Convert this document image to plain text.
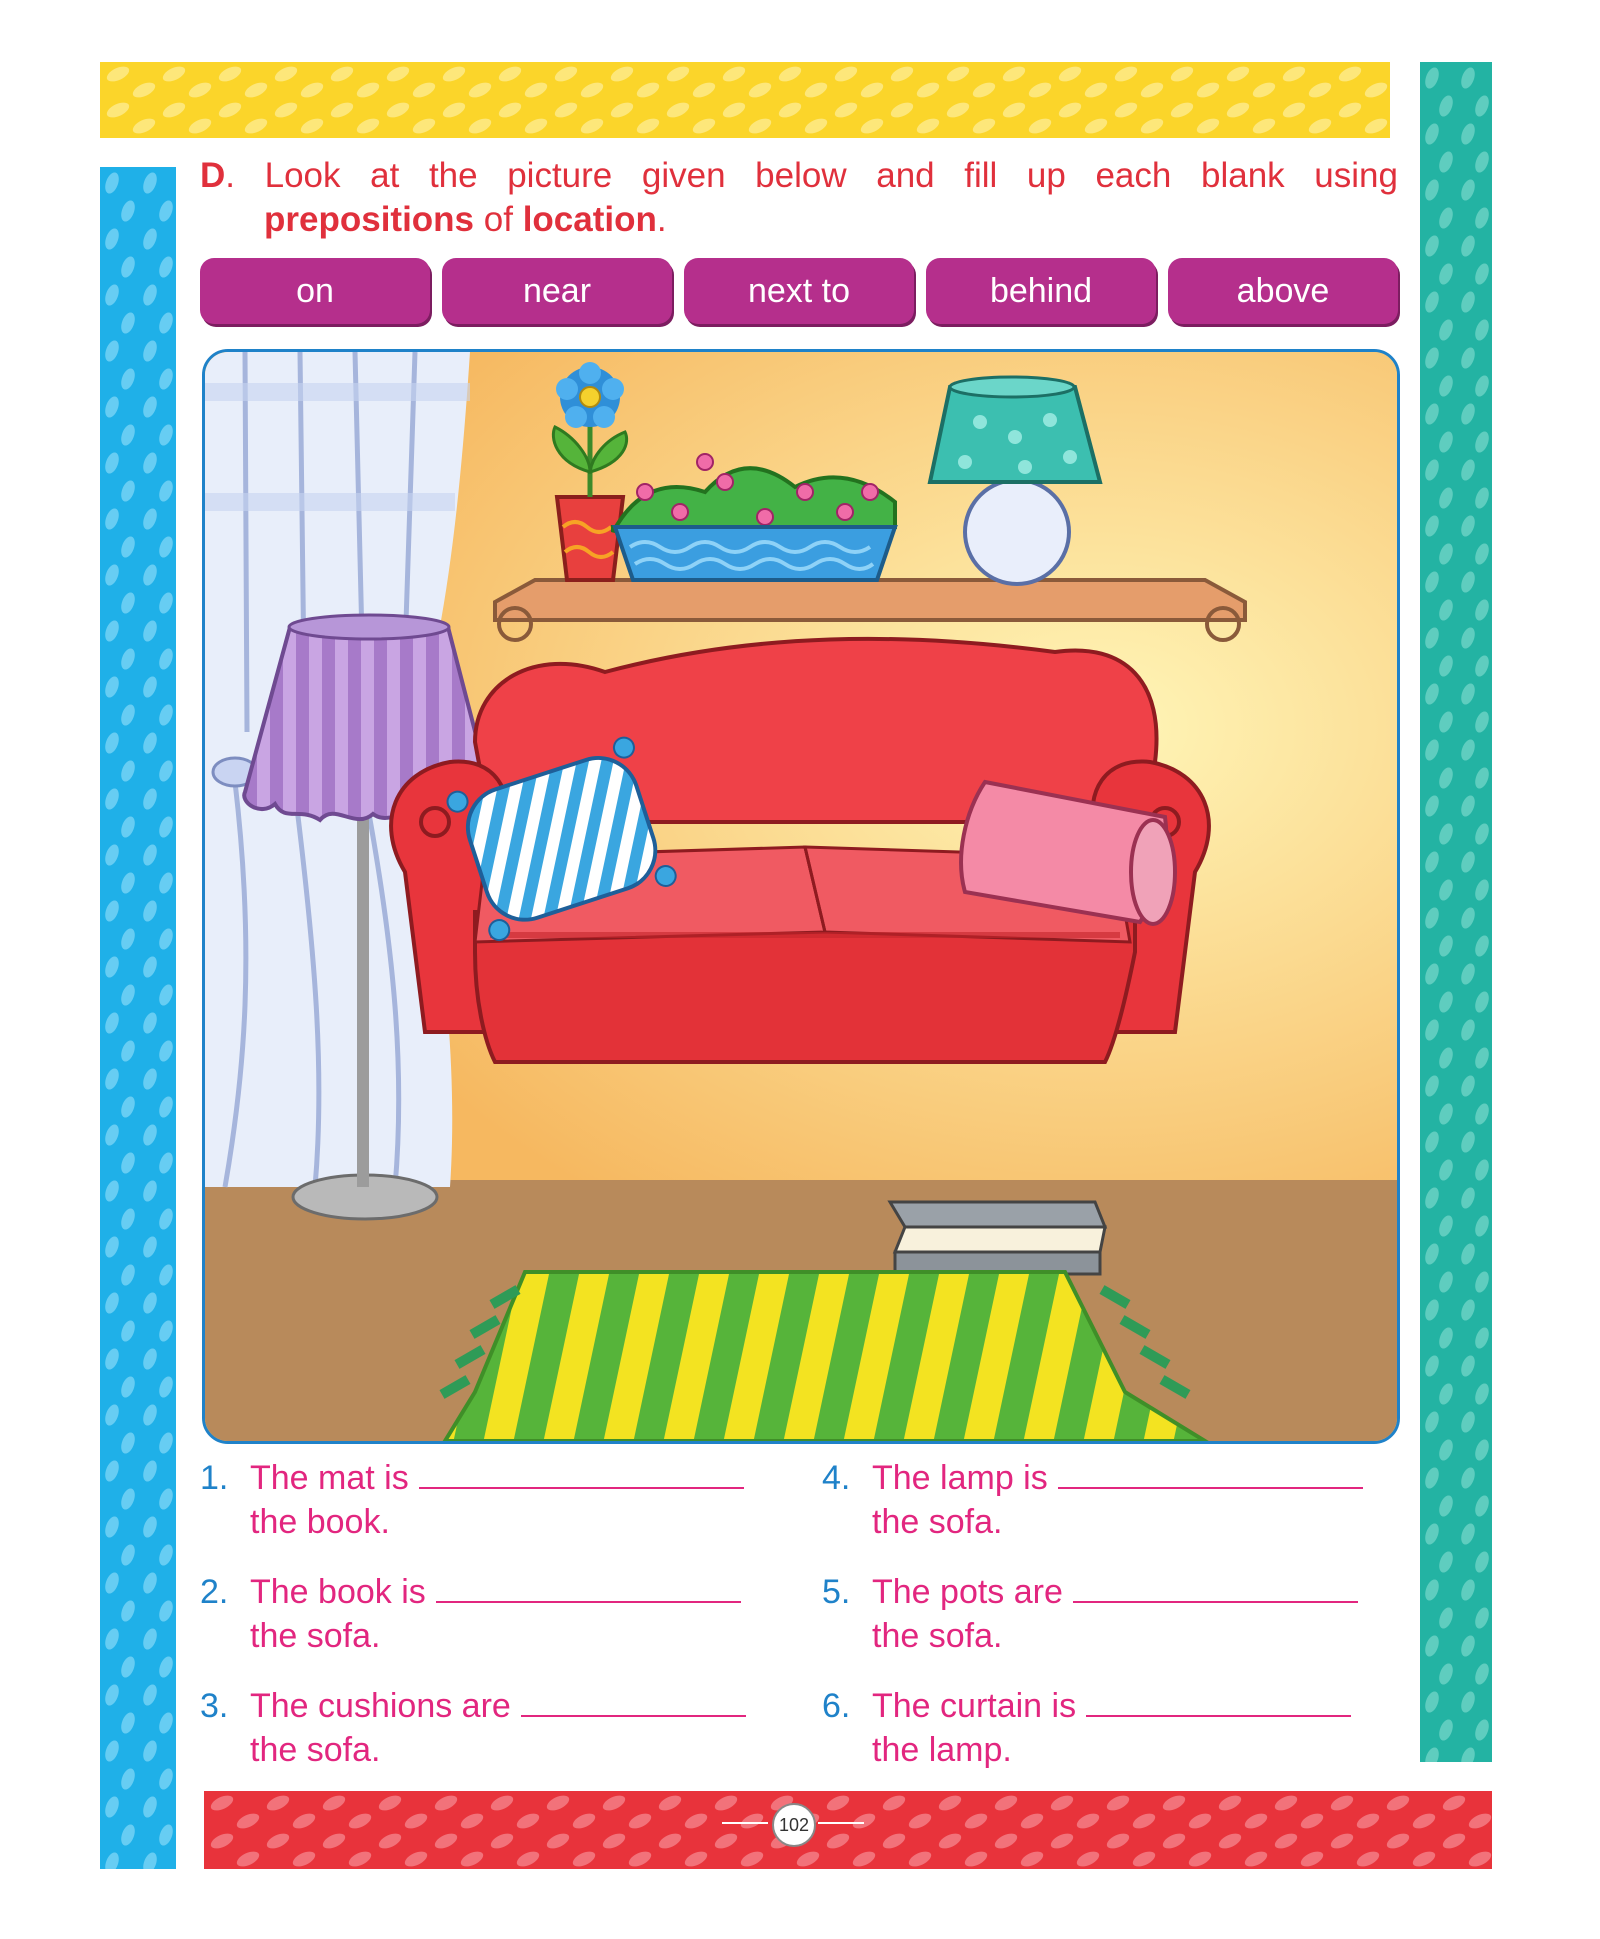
D. Look at the picture given below and fill up each blank using
prepositions of location.
on	near	next to	behind	above
1. The mat is
the book.
2. The book is
the sofa.
3. The cushions are
the sofa.
4. The lamp is
the sofa.
5. The pots are
the sofa.
6. The curtain is
the lamp.
102
